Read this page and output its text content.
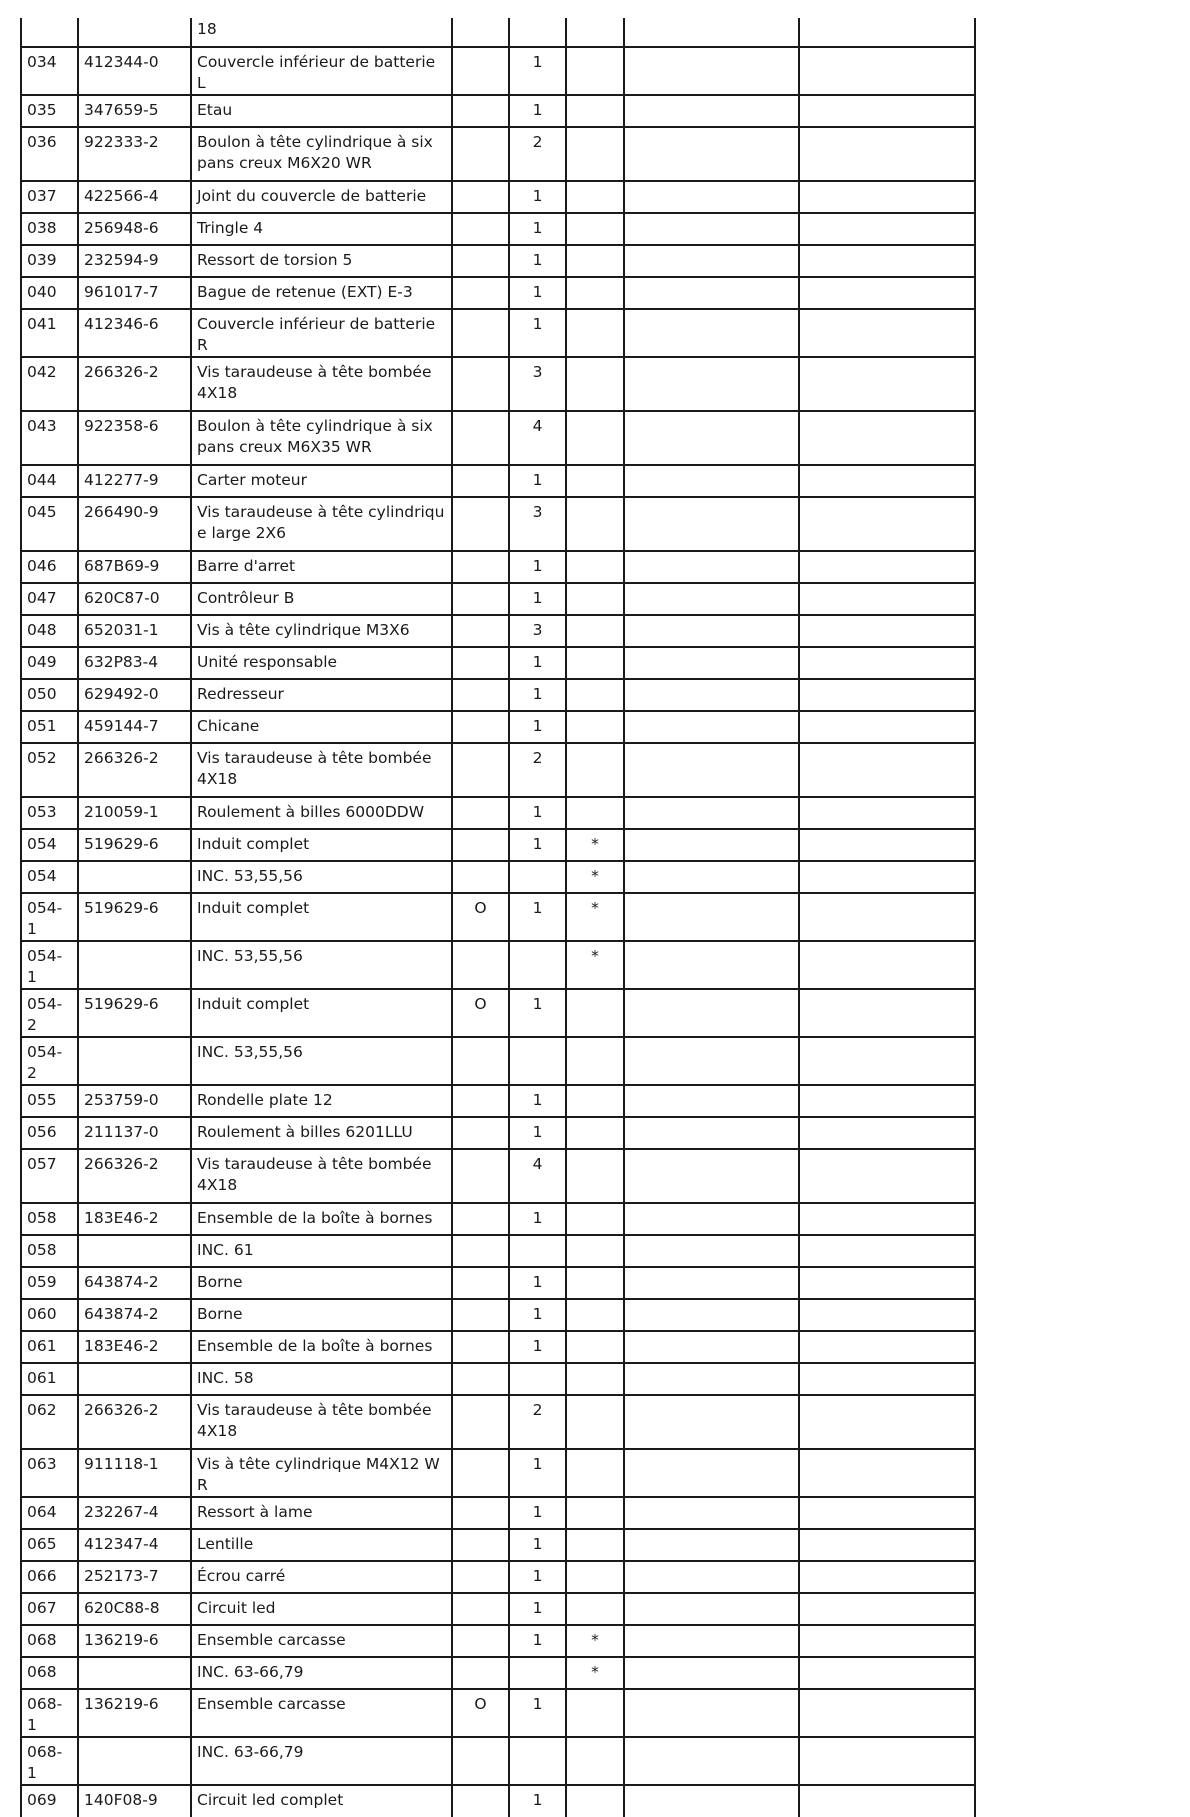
		18					
034	412344-0	Couvercle inférieur de batterie L		1			
035	347659-5	Etau		1			
036	922333-2	Boulon à tête cylindrique à six pans creux M6X20 WR		2			
037	422566-4	Joint du couvercle de batterie		1			
038	256948-6	Tringle 4		1			
039	232594-9	Ressort de torsion 5		1			
040	961017-7	Bague de retenue (EXT) E-3		1			
041	412346-6	Couvercle inférieur de batterie R		1			
042	266326-2	Vis taraudeuse à tête bombée 4X18		3			
043	922358-6	Boulon à tête cylindrique à six pans creux M6X35 WR		4			
044	412277-9	Carter moteur		1			
045	266490-9	Vis taraudeuse à tête cylindrique large 2X6		3			
046	687B69-9	Barre d'arret		1			
047	620C87-0	Contrôleur B		1			
048	652031-1	Vis à tête cylindrique M3X6		3			
049	632P83-4	Unité responsable		1			
050	629492-0	Redresseur		1			
051	459144-7	Chicane		1			
052	266326-2	Vis taraudeuse à tête bombée 4X18		2			
053	210059-1	Roulement à billes 6000DDW		1			
054	519629-6	Induit complet		1	*		
054		INC. 53,55,56			*		
054-1	519629-6	Induit complet	O	1	*		
054-1		INC. 53,55,56			*		
054-2	519629-6	Induit complet	O	1			
054-2		INC. 53,55,56					
055	253759-0	Rondelle plate 12		1			
056	211137-0	Roulement à billes 6201LLU		1			
057	266326-2	Vis taraudeuse à tête bombée 4X18		4			
058	183E46-2	Ensemble de la boîte à bornes		1			
058		INC. 61					
059	643874-2	Borne		1			
060	643874-2	Borne		1			
061	183E46-2	Ensemble de la boîte à bornes		1			
061		INC. 58					
062	266326-2	Vis taraudeuse à tête bombée 4X18		2			
063	911118-1	Vis à tête cylindrique M4X12 WR		1			
064	232267-4	Ressort à lame		1			
065	412347-4	Lentille		1			
066	252173-7	Écrou carré		1			
067	620C88-8	Circuit led		1			
068	136219-6	Ensemble carcasse		1	*		
068		INC. 63-66,79			*		
068-1	136219-6	Ensemble carcasse	O	1			
068-1		INC. 63-66,79					
069	140F08-9	Circuit led complet		1			
